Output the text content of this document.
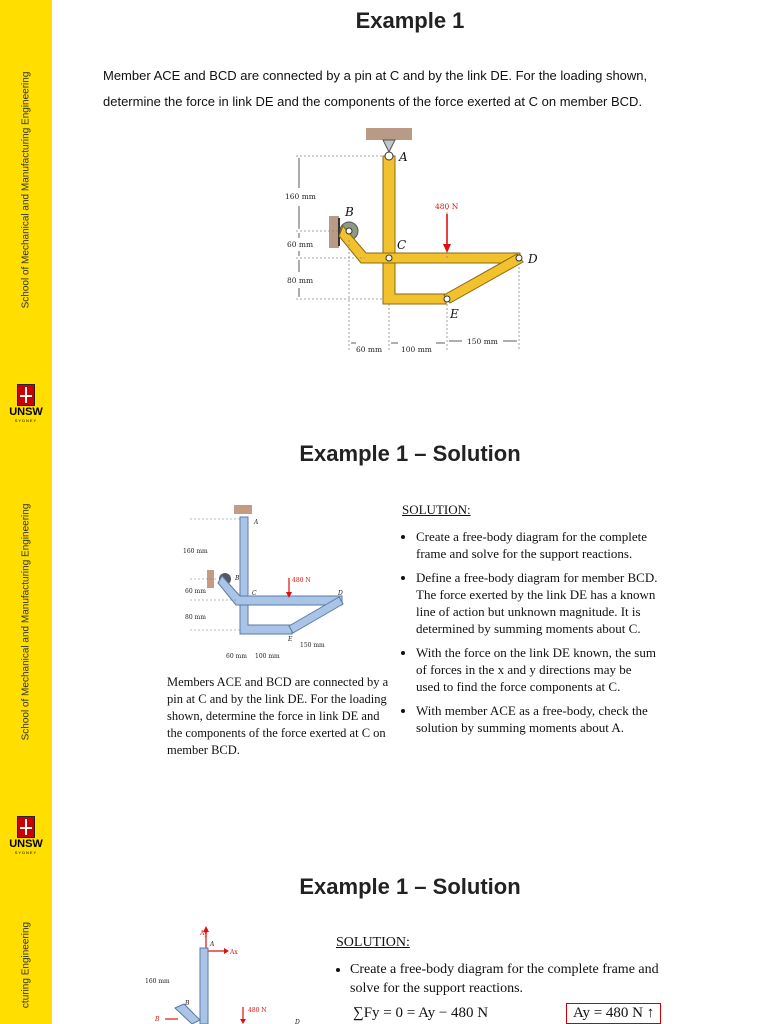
School of Mechanical and Manufacturing Engineering
UNSW
SYDNEY
Example 1
Member ACE and BCD are connected by a pin at C and by the link DE. For the loading shown,
determine the force in link DE and the components of the force exerted at C on member BCD.
160 mm
60 mm
80 mm
60 mm	100 mm
150 mm
480 N
A
B
C
D
E
School of Mechanical and Manufacturing Engineering
UNSW
SYDNEY
Example 1 – Solution
160 mm
60 mm
80 mm
60 mm 100 mm
150 mm
480 N
A
B
C	D
E
Members ACE and BCD are connected by a pin at C and by the link DE. For the loading shown, determine the force in link DE and the components of the force exerted at C on member BCD.
SOLUTION:
• Create a free-body diagram for the complete frame and solve for the support reactions.
• Define a free-body diagram for member BCD. The force exerted by the link DE has a known line of action but unknown magnitude. It is determined by summing moments about C.
• With the force on the link DE known, the sum of forces in the x and y directions may be used to find the force components at C.
• With member ACE as a free-body, check the solution by summing moments about A.
cturing Engineering
Example 1 – Solution
Ay
Ax
A
160 mm
B
B
480 N
D
SOLUTION:
• Create a free-body diagram for the complete frame and solve for the support reactions.
∑Fy = 0 = Ay − 480 N	Ay = 480 N ↑
